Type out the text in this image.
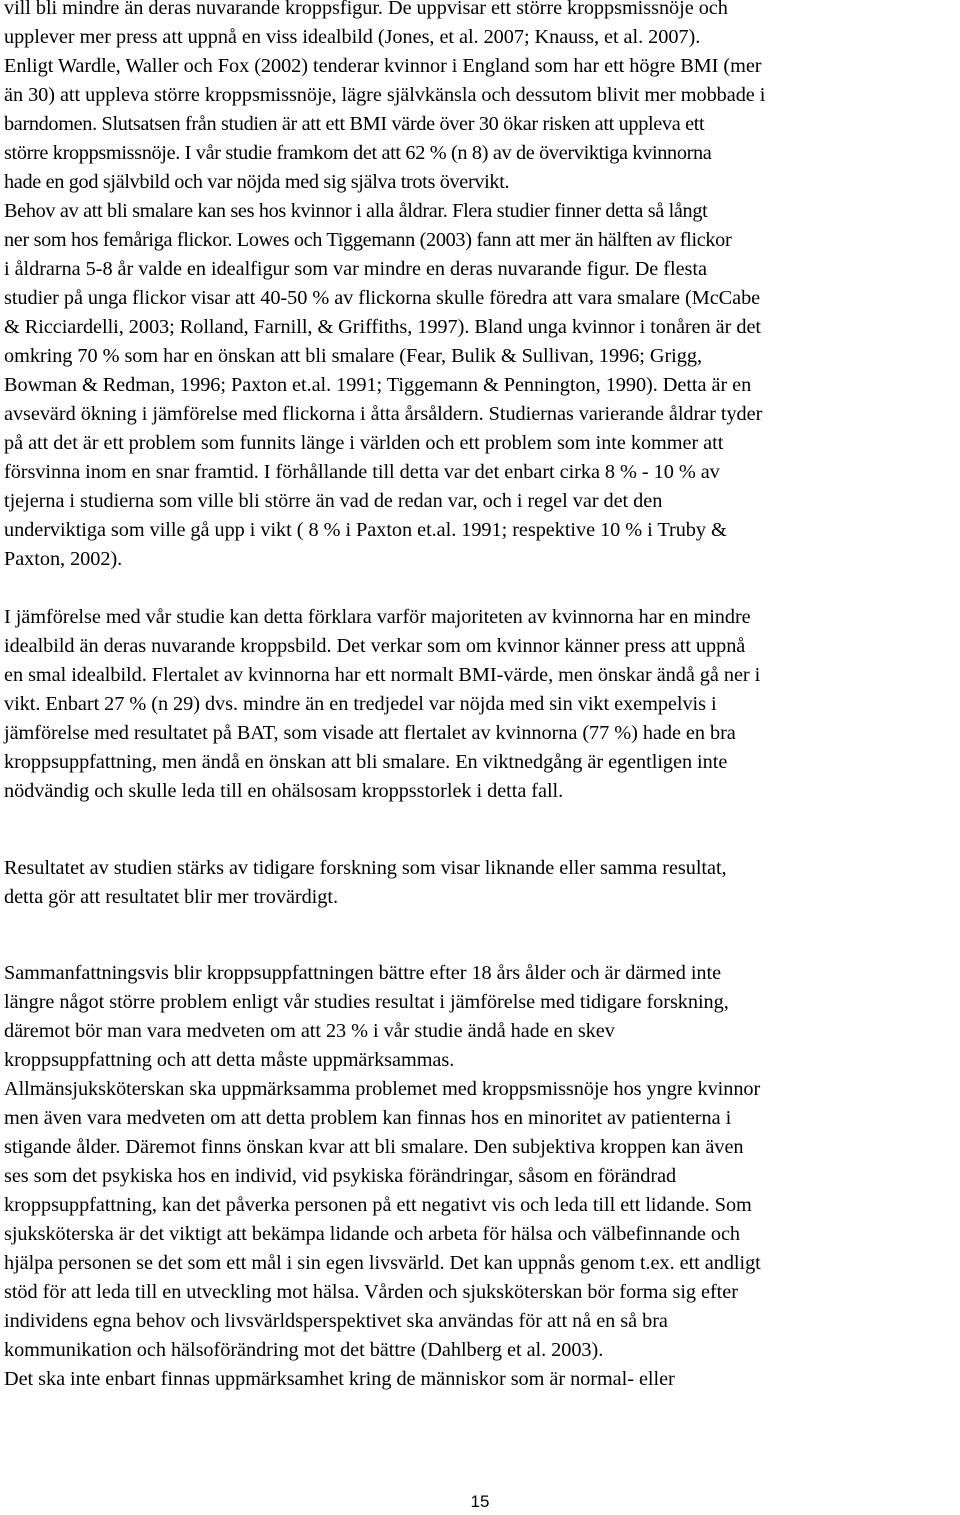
vill bli mindre än deras nuvarande kroppsfigur. De uppvisar ett större kroppsmissnöje och
upplever mer press att uppnå en viss idealbild (Jones, et al. 2007; Knauss, et al. 2007).
Enligt Wardle, Waller och Fox (2002) tenderar kvinnor i England som har ett högre BMI (mer
än 30) att uppleva större kroppsmissnöje, lägre självkänsla och dessutom blivit mer mobbade i
barndomen. Slutsatsen från studien är att ett BMI värde över 30 ökar risken att uppleva ett
större kroppsmissnöje. I vår studie framkom det att 62 % (n 8) av de överviktiga kvinnorna
hade en god självbild och var nöjda med sig själva trots övervikt.
Behov av att bli smalare kan ses hos kvinnor i alla åldrar. Flera studier finner detta så långt
ner som hos femåriga flickor. Lowes och Tiggemann (2003) fann att mer än hälften av flickor
i åldrarna 5-8 år valde en idealfigur som var mindre en deras nuvarande figur. De flesta
studier på unga flickor visar att 40-50 % av flickorna skulle föredra att vara smalare (McCabe
& Ricciardelli, 2003; Rolland, Farnill, & Griffiths, 1997). Bland unga kvinnor i tonåren är det
omkring 70 % som har en önskan att bli smalare (Fear, Bulik & Sullivan, 1996; Grigg,
Bowman & Redman, 1996; Paxton et.al. 1991; Tiggemann & Pennington, 1990). Detta är en
avsevärd ökning i jämförelse med flickorna i åtta årsåldern. Studiernas varierande åldrar tyder
på att det är ett problem som funnits länge i världen och ett problem som inte kommer att
försvinna inom en snar framtid. I förhållande till detta var det enbart cirka 8 % - 10 % av
tjejerna i studierna som ville bli större än vad de redan var, och i regel var det den
underviktiga som ville gå upp i vikt ( 8 % i Paxton et.al. 1991; respektive 10 % i Truby &
Paxton, 2002).
I jämförelse med vår studie kan detta förklara varför majoriteten av kvinnorna har en mindre
idealbild än deras nuvarande kroppsbild. Det verkar som om kvinnor känner press att uppnå
en smal idealbild. Flertalet av kvinnorna har ett normalt BMI-värde, men önskar ändå gå ner i
vikt. Enbart 27 % (n 29) dvs. mindre än en tredjedel var nöjda med sin vikt exempelvis i
jämförelse med resultatet på BAT, som visade att flertalet av kvinnorna (77 %) hade en bra
kroppsuppfattning, men ändå en önskan att bli smalare. En viktnedgång är egentligen inte
nödvändig och skulle leda till en ohälsosam kroppsstorlek i detta fall.
Resultatet av studien stärks av tidigare forskning som visar liknande eller samma resultat,
detta gör att resultatet blir mer trovärdigt.
Sammanfattningsvis blir kroppsuppfattningen bättre efter 18 års ålder och är därmed inte
längre något större problem enligt vår studies resultat i jämförelse med tidigare forskning,
däremot bör man vara medveten om att 23 % i vår studie ändå hade en skev
kroppsuppfattning och att detta måste uppmärksammas.
Allmänsjuksköterskan ska uppmärksamma problemet med kroppsmissnöje hos yngre kvinnor
men även vara medveten om att detta problem kan finnas hos en minoritet av patienterna i
stigande ålder. Däremot finns önskan kvar att bli smalare. Den subjektiva kroppen kan även
ses som det psykiska hos en individ, vid psykiska förändringar, såsom en förändrad
kroppsuppfattning, kan det påverka personen på ett negativt vis och leda till ett lidande. Som
sjuksköterska är det viktigt att bekämpa lidande och arbeta för hälsa och välbefinnande och
hjälpa personen se det som ett mål i sin egen livsvärld. Det kan uppnås genom t.ex. ett andligt
stöd för att leda till en utveckling mot hälsa. Vården och sjuksköterskan bör forma sig efter
individens egna behov och livsvärldsperspektivet ska användas för att nå en så bra
kommunikation och hälsoförändring mot det bättre (Dahlberg et al. 2003).
Det ska inte enbart finnas uppmärksamhet kring de människor som är normal- eller
15
